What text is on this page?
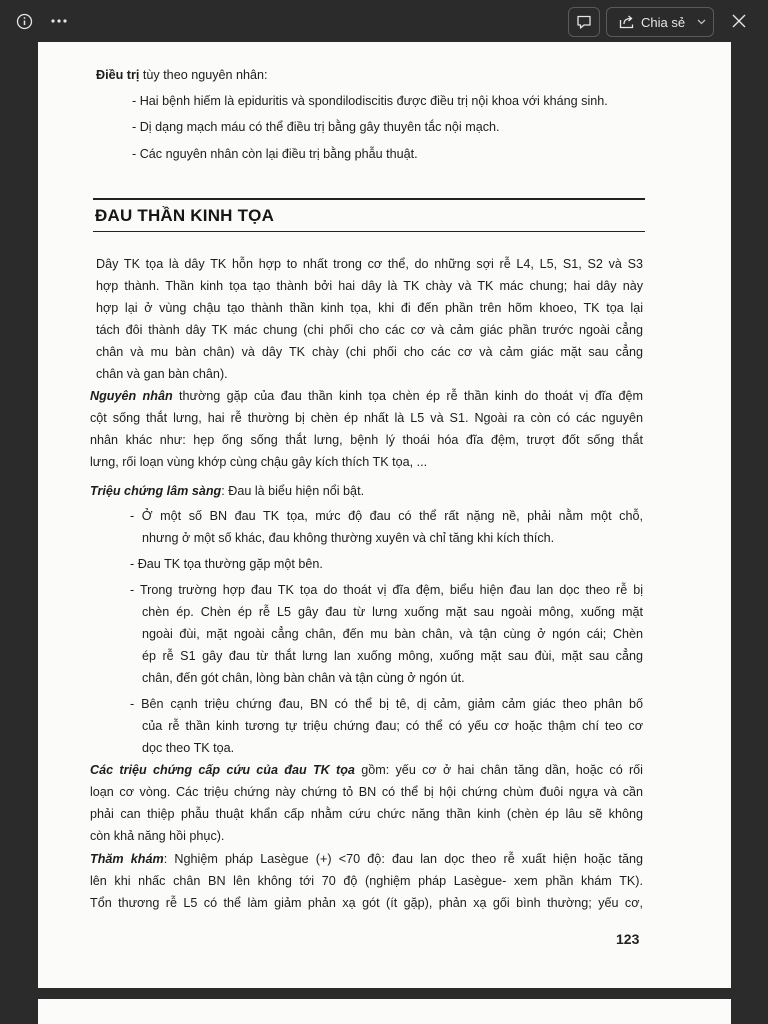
Chia sẻ
Điều trị tùy theo nguyên nhân:
- Hai bệnh hiếm là epiduritis và spondilodiscitis được điều trị nội khoa với kháng sinh.
- Dị dạng mạch máu có thể điều trị bằng gây thuyên tắc nội mạch.
- Các nguyên nhân còn lại điều trị bằng phẫu thuật.
ĐAU THẦN KINH TỌA
Dây TK tọa là dây TK hỗn hợp to nhất trong cơ thể, do những sợi rễ L4, L5, S1, S2 và S3
hợp thành. Thần kinh tọa tạo thành bởi hai dây là TK chày và TK mác chung; hai dây này
hợp lại ở vùng chậu tạo thành thần kinh tọa, khi đi đến phần trên hõm khoeo, TK tọa lại
tách đôi thành dây TK mác chung (chi phối cho các cơ và cảm giác phần trước ngoài cẳng
chân và mu bàn chân) và dây TK chày (chi phối cho các cơ và cảm giác mặt sau cẳng
chân và gan bàn chân).
Nguyên nhân thường gặp của đau thần kinh tọa chèn ép rễ thần kinh do thoát vị đĩa đệm
cột sống thắt lưng, hai rễ thường bị chèn ép nhất là L5 và S1. Ngoài ra còn có các nguyên
nhân khác như: hẹp ống sống thắt lưng, bệnh lý thoái hóa đĩa đệm, trượt đốt sống thắt
lưng, rối loạn vùng khớp cùng chậu gây kích thích TK tọa, ...
Triệu chứng lâm sàng: Đau là biểu hiện nổi bật.
- Ở một số BN đau TK tọa, mức độ đau có thể rất nặng nề, phải nằm một chỗ,
nhưng ở một số khác, đau không thường xuyên và chỉ tăng khi kích thích.
- Đau TK tọa thường gặp một bên.
- Trong trường hợp đau TK tọa do thoát vị đĩa đệm, biểu hiện đau lan dọc theo rễ bị
chèn ép. Chèn ép rễ L5 gây đau từ lưng xuống mặt sau ngoài mông, xuống mặt
ngoài đùi, mặt ngoài cẳng chân, đến mu bàn chân, và tận cùng ở ngón cái; Chèn
ép rễ S1 gây đau từ thắt lưng lan xuống mông, xuống mặt sau đùi, mặt sau cẳng
chân, đến gót chân, lòng bàn chân và tận cùng ở ngón út.
- Bên cạnh triệu chứng đau, BN có thể bị tê, dị cảm, giảm cảm giác theo phân bố
của rễ thần kinh tương tự triệu chứng đau; có thể có yếu cơ hoặc thậm chí teo cơ
dọc theo TK tọa.
Các triệu chứng cấp cứu của đau TK tọa gồm: yếu cơ ở hai chân tăng dần, hoặc có rối
loạn cơ vòng. Các triệu chứng này chứng tỏ BN có thể bị hội chứng chùm đuôi ngựa và cần
phải can thiệp phẫu thuật khẩn cấp nhằm cứu chức năng thần kinh (chèn ép lâu sẽ không
còn khả năng hồi phục).
Thăm khám: Nghiệm pháp Lasègue (+) <70 độ: đau lan dọc theo rễ xuất hiện hoặc tăng
lên khi nhấc chân BN lên không tới 70 độ (nghiệm pháp Lasègue- xem phần khám TK).
Tổn thương rễ L5 có thể làm giảm phản xạ gót (ít gặp), phản xạ gối bình thường; yếu cơ,
123
